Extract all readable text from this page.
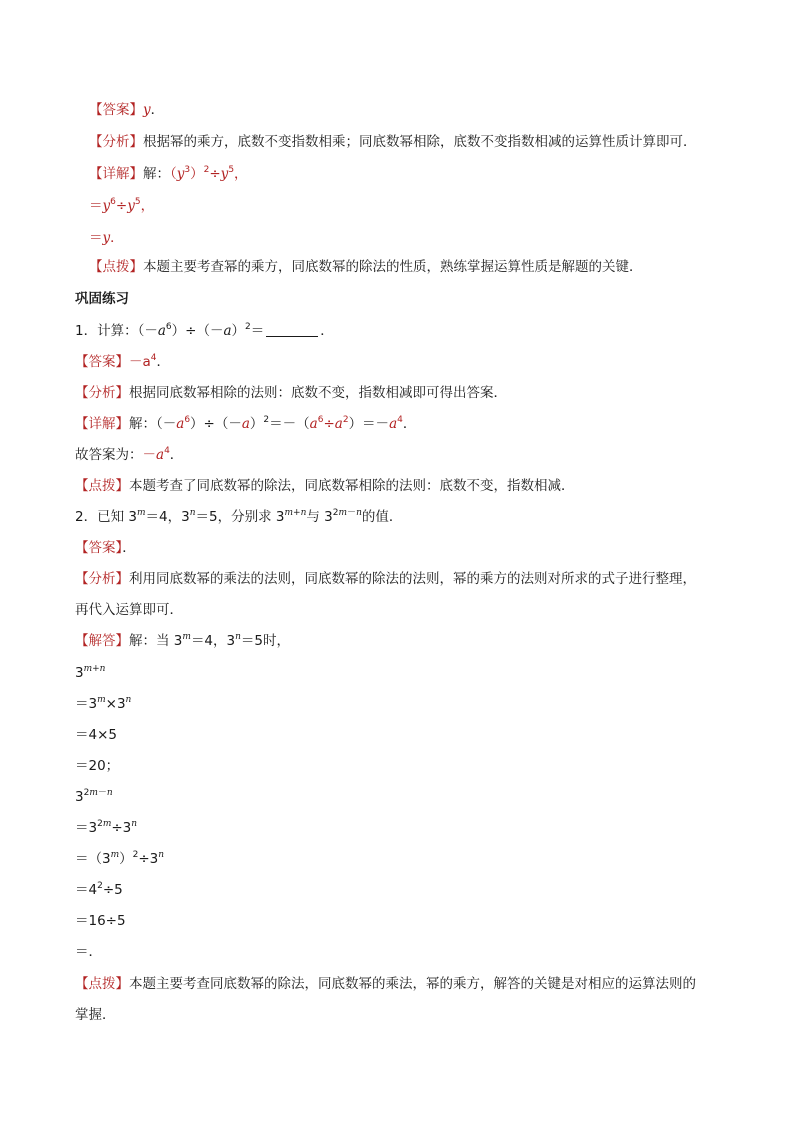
【答案】y．
【分析】根据幂的乘方，底数不变指数相乘；同底数幂相除，底数不变指数相减的运算性质计算即可．
【详解】解：$(y^3)^2\div y^5$，
$=y^6\div y^5$，
＝y．
【点拨】本题主要考查幂的乘方，同底数幂的除法的性质，熟练掌握运算性质是解题的关键．
巩固练习
1．计算：$(-a^6)\div(-a)^2=$	．
【答案】$-a^4$．
【分析】根据同底数幂相除的法则：底数不变，指数相减即可得出答案．
【详解】解：$(-a^6)\div(-a)^2=-(a^6\div a^2)=-a^4$．
故答案为：$-a^4$．
【点拨】本题考查了同底数幂的除法，同底数幂相除的法则：底数不变，指数相减．
2．已知 $3^m=4$，$3^n=5$，分别求 $3^{m+n}$与 $3^{2m-n}$的值．
【答案】．
【分析】利用同底数幂的乘法的法则，同底数幂的除法的法则，幂的乘方的法则对所求的式子进行整理，
再代入运算即可．
【解答】解：当 $3^m=4$，$3^n=5$时，
$3^{m+n}$
$=3^m\times 3^n$
＝4×5
＝20；
$3^{2m-n}$
$=3^{2m}\div 3^n$
$=(3^m)^2\div 3^n$
$=4^2\div 5$
＝16÷5
＝．
【点拨】本题主要考查同底数幂的除法，同底数幂的乘法，幂的乘方，解答的关键是对相应的运算法则的
掌握．
